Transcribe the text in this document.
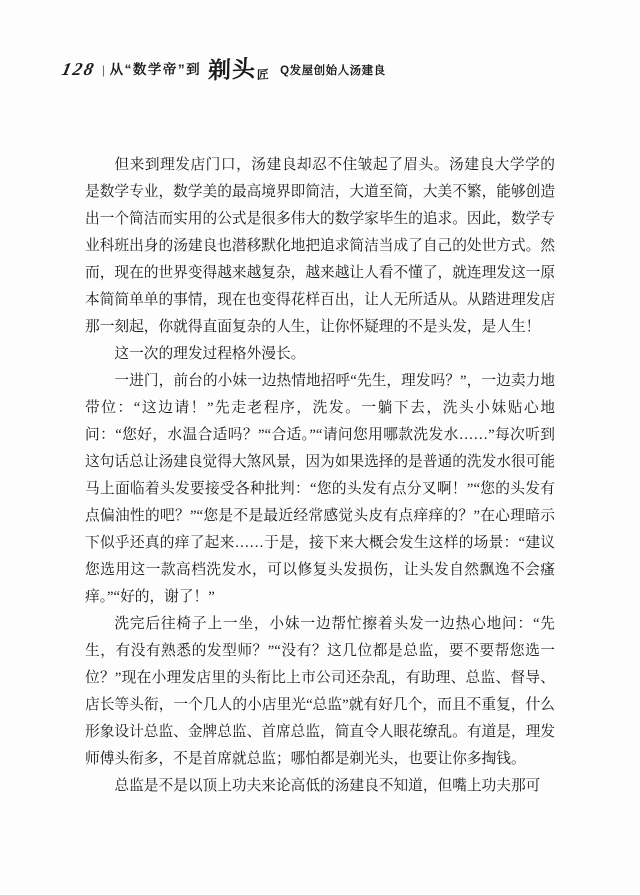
128 | 从“数学帝”到 剃头匠 Q发屋创始人汤建良

但来到理发店门口，汤建良却忍不住皱起了眉头。汤建良大学学的是数学专业，数学美的最高境界即简洁，大道至简，大美不繁，能够创造出一个简洁而实用的公式是很多伟大的数学家毕生的追求。因此，数学专业科班出身的汤建良也潜移默化地把追求简洁当成了自己的处世方式。然而，现在的世界变得越来越复杂，越来越让人看不懂了，就连理发这一原本简简单单的事情，现在也变得花样百出，让人无所适从。从踏进理发店那一刻起，你就得直面复杂的人生，让你怀疑理的不是头发，是人生！

这一次的理发过程格外漫长。

一进门，前台的小妹一边热情地招呼“先生，理发吗？”，一边卖力地带位：“这边请！”先走老程序，洗发。一躺下去，洗头小妹贴心地问：“您好，水温合适吗？”“合适。”“请问您用哪款洗发水……”每次听到这句话总让汤建良觉得大煞风景，因为如果选择的是普通的洗发水很可能马上面临着头发要接受各种批判：“您的头发有点分叉啊！”“您的头发有点偏油性的吧？”“您是不是最近经常感觉头皮有点痒痒的？”在心理暗示下似乎还真的痒了起来……于是，接下来大概会发生这样的场景：“建议您选用这一款高档洗发水，可以修复头发损伤，让头发自然飘逸不会瘙痒。”“好的，谢了！”

洗完后往椅子上一坐，小妹一边帮忙擦着头发一边热心地问：“先生，有没有熟悉的发型师？”“没有？这几位都是总监，要不要帮您选一位？”现在小理发店里的头衔比上市公司还杂乱，有助理、总监、督导、店长等头衔，一个几人的小店里光“总监”就有好几个，而且不重复，什么形象设计总监、金牌总监、首席总监，简直令人眼花缭乱。有道是，理发师傅头衔多，不是首席就总监；哪怕都是剃光头，也要让你多掏钱。

总监是不是以顶上功夫来论高低的汤建良不知道，但嘴上功夫那可
